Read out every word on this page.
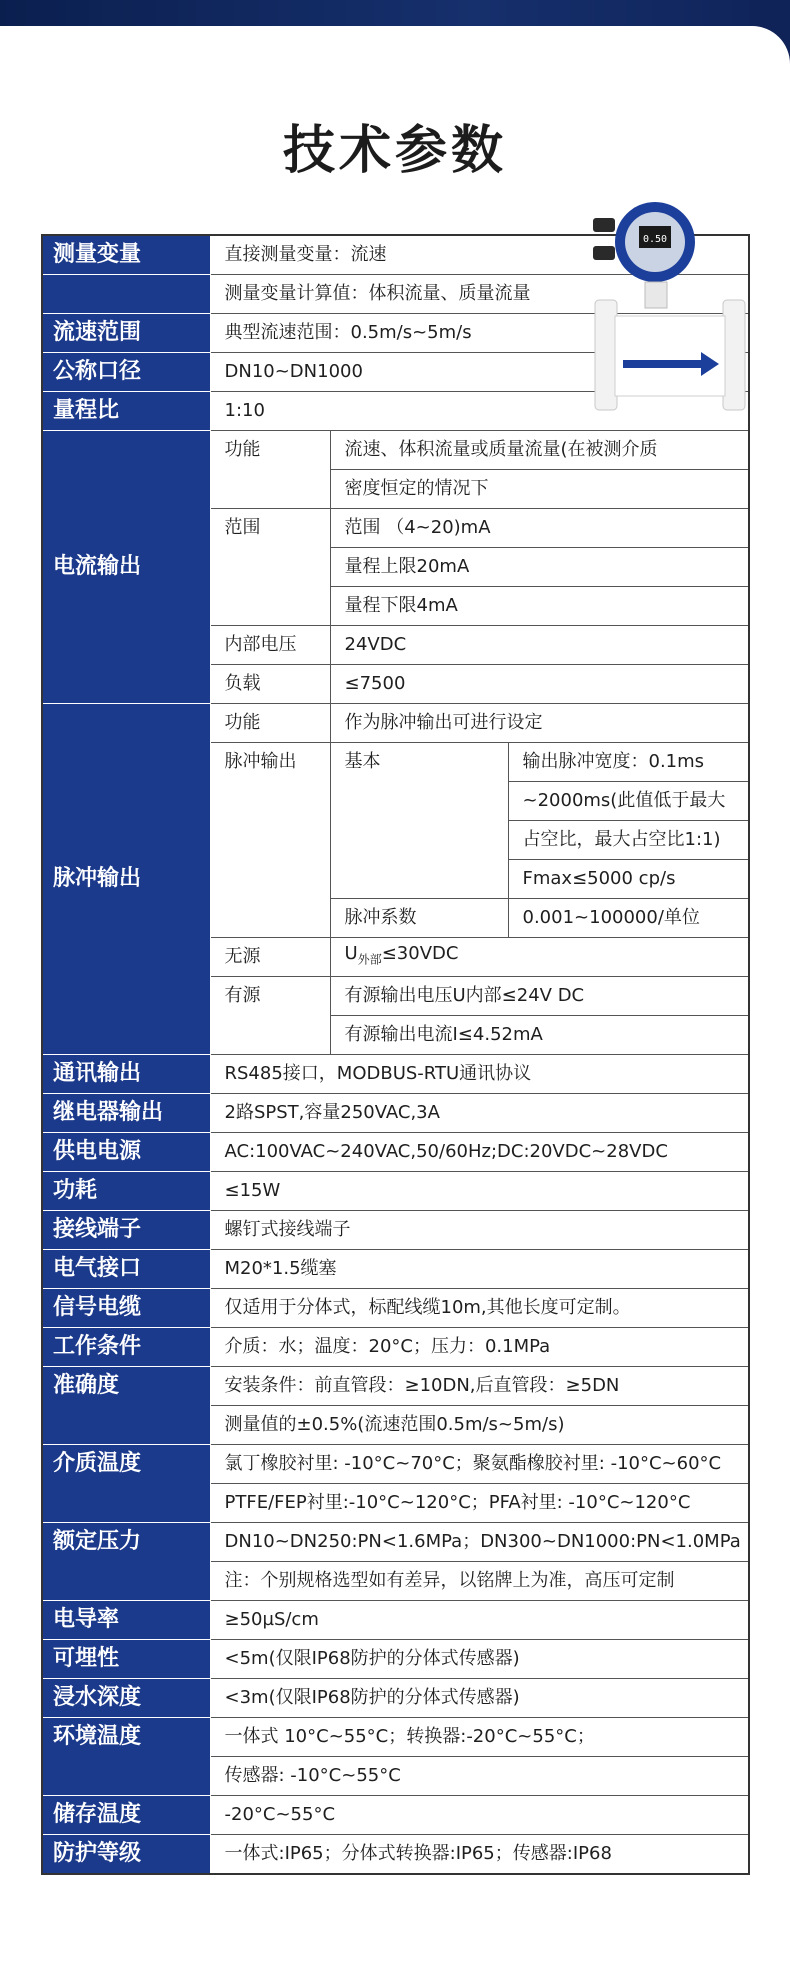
技术参数
测量变量	直接测量变量：流速		
	测量变量计算值：体积流量、质量流量		
流速范围	典型流速范围：0.5m/s~5m/s		
公称口径	DN10~DN1000		
量程比	1:10		
电流输出	功能	流速、体积流量或质量流量(在被测介质	
		密度恒定的情况下	
	范围	范围 （4~20)mA	
		量程上限20mA	
		量程下限4mA	
	内部电压	24VDC	
	负载	≤7500	
脉冲输出	功能	作为脉冲输出可进行设定	
	脉冲输出	基本	输出脉冲宽度：0.1ms
			~2000ms(此值低于最大
			占空比，最大占空比1:1)
			Fmax≤5000 cp/s
		脉冲系数	0.001~100000/单位
	无源	$U_{外部}\le 30VDC$	
	有源	有源输出电压U内部≤24V DC	
		有源输出电流I≤4.52mA	
通讯输出	RS485接口，MODBUS-RTU通讯协议		
继电器输出	2路SPST,容量250VAC,3A		
供电电源	AC:100VAC~240VAC,50/60Hz;DC:20VDC~28VDC		
功耗	≤15W		
接线端子	螺钉式接线端子		
电气接口	M20*1.5缆塞		
信号电缆	仅适用于分体式，标配线缆10m,其他长度可定制。		
工作条件	介质：水；温度：20°C；压力：0.1MPa		
准确度	安装条件：前直管段：≥10DN,后直管段：≥5DN		
	测量值的±0.5%(流速范围0.5m/s~5m/s)		
介质温度	氯丁橡胶衬里: -10°C~70°C；聚氨酯橡胶衬里: -10°C~60°C		
	PTFE/FEP衬里:-10°C~120°C；PFA衬里: -10°C~120°C		
额定压力	DN10~DN250:PN<1.6MPa；DN300~DN1000:PN<1.0MPa		
	注：个别规格选型如有差异，以铭牌上为准，高压可定制		
电导率	≥50µS/cm		
可埋性	<5m(仅限IP68防护的分体式传感器)		
浸水深度	<3m(仅限IP68防护的分体式传感器)		
环境温度	一体式 10°C~55°C；转换器:-20°C~55°C；		
	传感器: -10°C~55°C		
储存温度	-20°C~55°C		
防护等级	一体式:IP65；分体式转换器:IP65；传感器:IP68		
0.50
